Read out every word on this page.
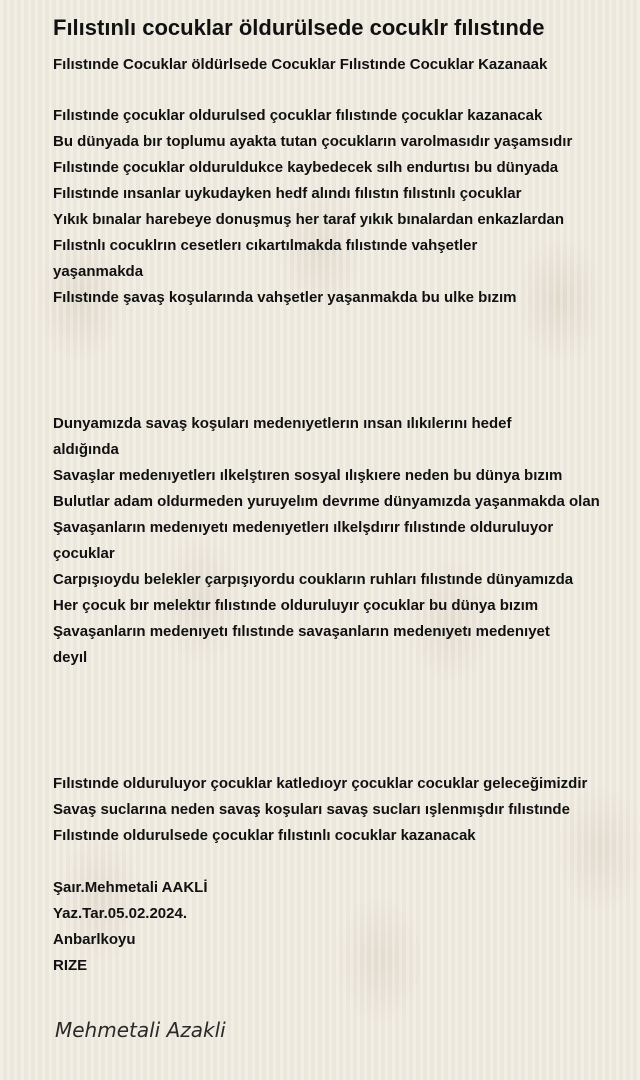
Fılıstınlı cocuklar öldurülsede cocuklr fılıstınde
Fılıstınde Cocuklar öldürlsede Cocuklar Fılıstınde Cocuklar Kazanaak
Fılıstınde çocuklar oldurulsed çocuklar fılıstınde çocuklar kazanacak
Bu dünyada bır toplumu ayakta tutan çocukların varolmasıdır yaşamsıdır
Fılıstınde çocuklar olduruldukce kaybedecek sılh endurtısı bu dünyada
Fılıstınde ınsanlar uykudayken hedf alındı fılıstın fılıstınlı çocuklar
Yıkık bınalar harebeye donuşmuş her taraf yıkık bınalardan enkazlardan
Fılıstnlı cocuklrın cesetlerı cıkartılmakda fılıstınde vahşetler
yaşanmakda
Fılıstınde şavaş koşularında vahşetler yaşanmakda bu ulke bızım
Dunyamızda savaş koşuları medenıyetlerın ınsan ılıkılerını hedef
aldığında
Savaşlar medenıyetlerı ılkelştıren sosyal ılışkıere neden bu dünya bızım
Bulutlar adam oldurmeden yuruyelım devrıme dünyamızda yaşanmakda olan
Şavaşanların medenıyetı medenıyetlerı ılkelşdırır fılıstınde olduruluyor
çocuklar
Carpışıoydu belekler çarpışıyordu coukların ruhları fılıstınde dünyamızda
Her çocuk bır melektır fılıstınde olduruluyır çocuklar bu dünya bızım
Şavaşanların medenıyetı fılıstınde savaşanların medenıyetı medenıyet
deyıl
Fılıstınde olduruluyor çocuklar katledıoyr çocuklar cocuklar geleceğimizdir
Savaş suclarına neden savaş koşuları savaş sucları ışlenmışdır fılıstınde
Fılıstınde oldurulsede çocuklar fılıstınlı cocuklar kazanacak
Şaır.Mehmetali AAKLİ
Yaz.Tar.05.02.2024.
Anbarlkoyu
RIZE
Mehmetali Azakli
